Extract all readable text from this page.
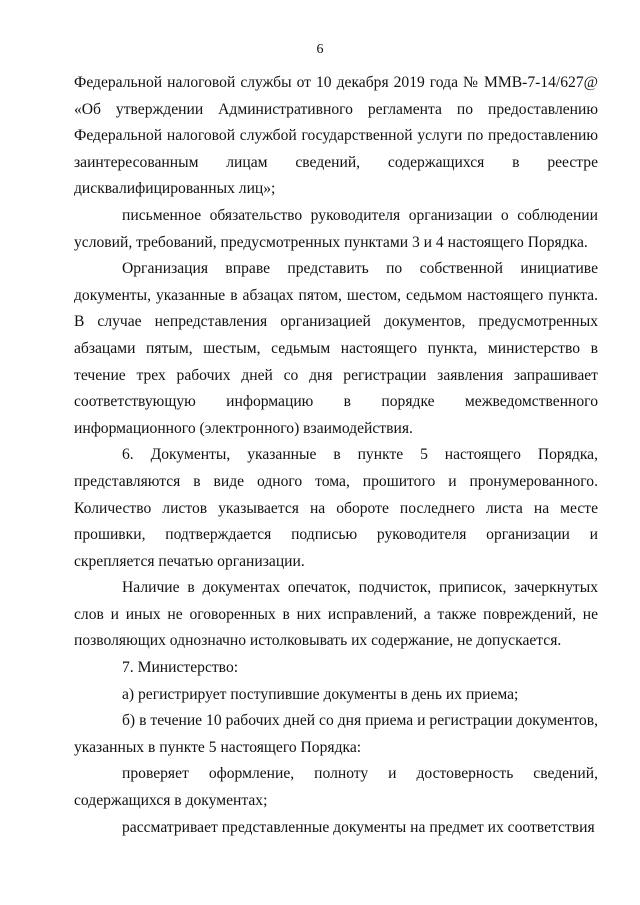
6

Федеральной налоговой службы от 10 декабря 2019 года № ММВ-7-14/627@ «Об утверждении Административного регламента по предоставлению Федеральной налоговой службой государственной услуги по предоставлению заинтересованным лицам сведений, содержащихся в реестре дисквалифицированных лиц»;

письменное обязательство руководителя организации о соблюдении условий, требований, предусмотренных пунктами 3 и 4 настоящего Порядка.

Организация вправе представить по собственной инициативе документы, указанные в абзацах пятом, шестом, седьмом настоящего пункта. В случае непредставления организацией документов, предусмотренных абзацами пятым, шестым, седьмым настоящего пункта, министерство в течение трех рабочих дней со дня регистрации заявления запрашивает соответствующую информацию в порядке межведомственного информационного (электронного) взаимодействия.

6. Документы, указанные в пункте 5 настоящего Порядка, представляются в виде одного тома, прошитого и пронумерованного. Количество листов указывается на обороте последнего листа на месте прошивки, подтверждается подписью руководителя организации и скрепляется печатью организации.

Наличие в документах опечаток, подчисток, приписок, зачеркнутых слов и иных не оговоренных в них исправлений, а также повреждений, не позволяющих однозначно истолковывать их содержание, не допускается.

7. Министерство:

а) регистрирует поступившие документы в день их приема;

б) в течение 10 рабочих дней со дня приема и регистрации документов, указанных в пункте 5 настоящего Порядка:

проверяет оформление, полноту и достоверность сведений, содержащихся в документах;

рассматривает представленные документы на предмет их соответствия
